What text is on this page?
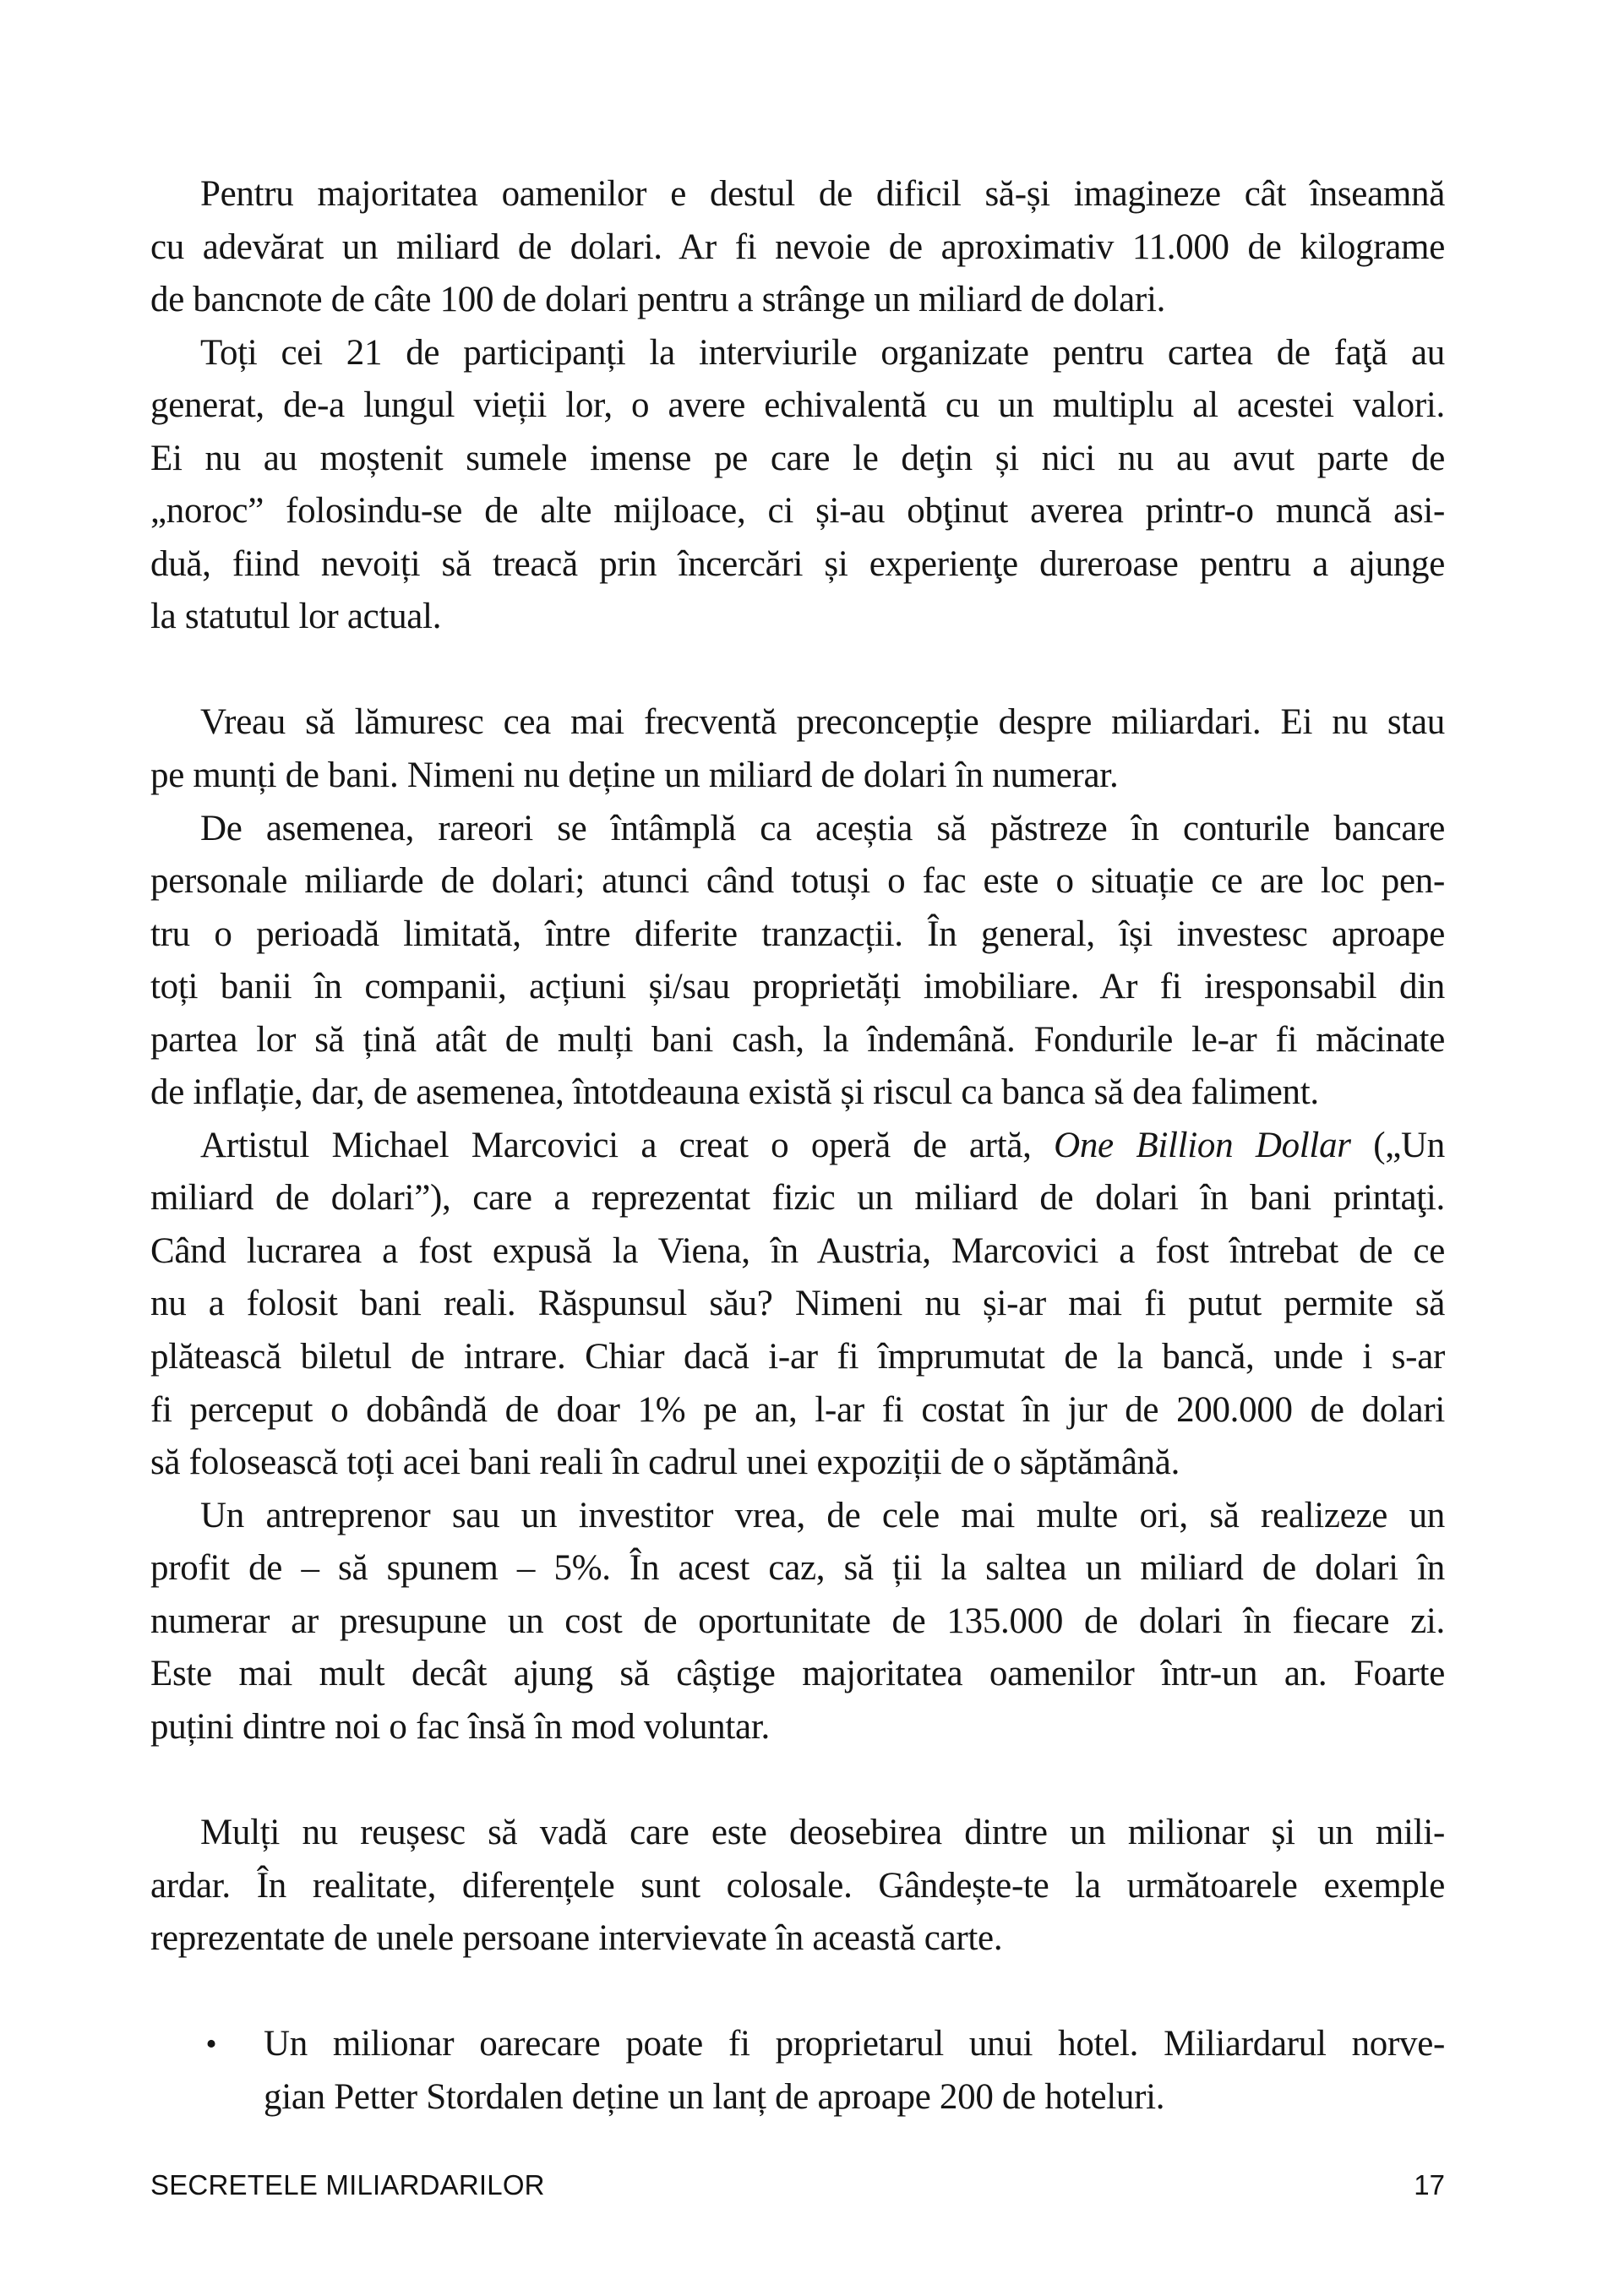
Pentru majoritatea oamenilor e destul de dificil să-și imagineze cât înseamnă
cu adevărat un miliard de dolari. Ar fi nevoie de aproximativ 11.000 de kilograme
de bancnote de câte 100 de dolari pentru a strânge un miliard de dolari.

Toți cei 21 de participanți la interviurile organizate pentru cartea de faţă au
generat, de-a lungul vieții lor, o avere echivalentă cu un multiplu al acestei valori.
Ei nu au moștenit sumele imense pe care le deţin și nici nu au avut parte de
„noroc” folosindu-se de alte mijloace, ci și-au obţinut averea printr-o muncă asi-
duă, fiind nevoiți să treacă prin încercări și experienţe dureroase pentru a ajunge
la statutul lor actual.

Vreau să lămuresc cea mai frecventă preconcepție despre miliardari. Ei nu stau
pe munți de bani. Nimeni nu deține un miliard de dolari în numerar.

De asemenea, rareori se întâmplă ca aceștia să păstreze în conturile bancare
personale miliarde de dolari; atunci când totuși o fac este o situație ce are loc pen-
tru o perioadă limitată, între diferite tranzacții. În general, își investesc aproape
toți banii în companii, acțiuni și/sau proprietăți imobiliare. Ar fi iresponsabil din
partea lor să țină atât de mulți bani cash, la îndemână. Fondurile le-ar fi măcinate
de inflație, dar, de asemenea, întotdeauna există și riscul ca banca să dea faliment.

Artistul Michael Marcovici a creat o operă de artă, One Billion Dollar („Un
miliard de dolari”), care a reprezentat fizic un miliard de dolari în bani printaţi.
Când lucrarea a fost expusă la Viena, în Austria, Marcovici a fost întrebat de ce
nu a folosit bani reali. Răspunsul său? Nimeni nu și-ar mai fi putut permite să
plătească biletul de intrare. Chiar dacă i-ar fi împrumutat de la bancă, unde i s-ar
fi perceput o dobândă de doar 1% pe an, l-ar fi costat în jur de 200.000 de dolari
să folosească toți acei bani reali în cadrul unei expoziții de o săptămână.

Un antreprenor sau un investitor vrea, de cele mai multe ori, să realizeze un
profit de – să spunem – 5%. În acest caz, să ții la saltea un miliard de dolari în
numerar ar presupune un cost de oportunitate de 135.000 de dolari în fiecare zi.
Este mai mult decât ajung să câștige majoritatea oamenilor într-un an. Foarte
puțini dintre noi o fac însă în mod voluntar.

Mulți nu reușesc să vadă care este deosebirea dintre un milionar și un mili-
ardar. În realitate, diferențele sunt colosale. Gândește-te la următoarele exemple
reprezentate de unele persoane intervievate în această carte.

• Un milionar oarecare poate fi proprietarul unui hotel. Miliardarul norve-
gian Petter Stordalen deține un lanț de aproape 200 de hoteluri.
SECRETELE MILIARDARILOR	17
